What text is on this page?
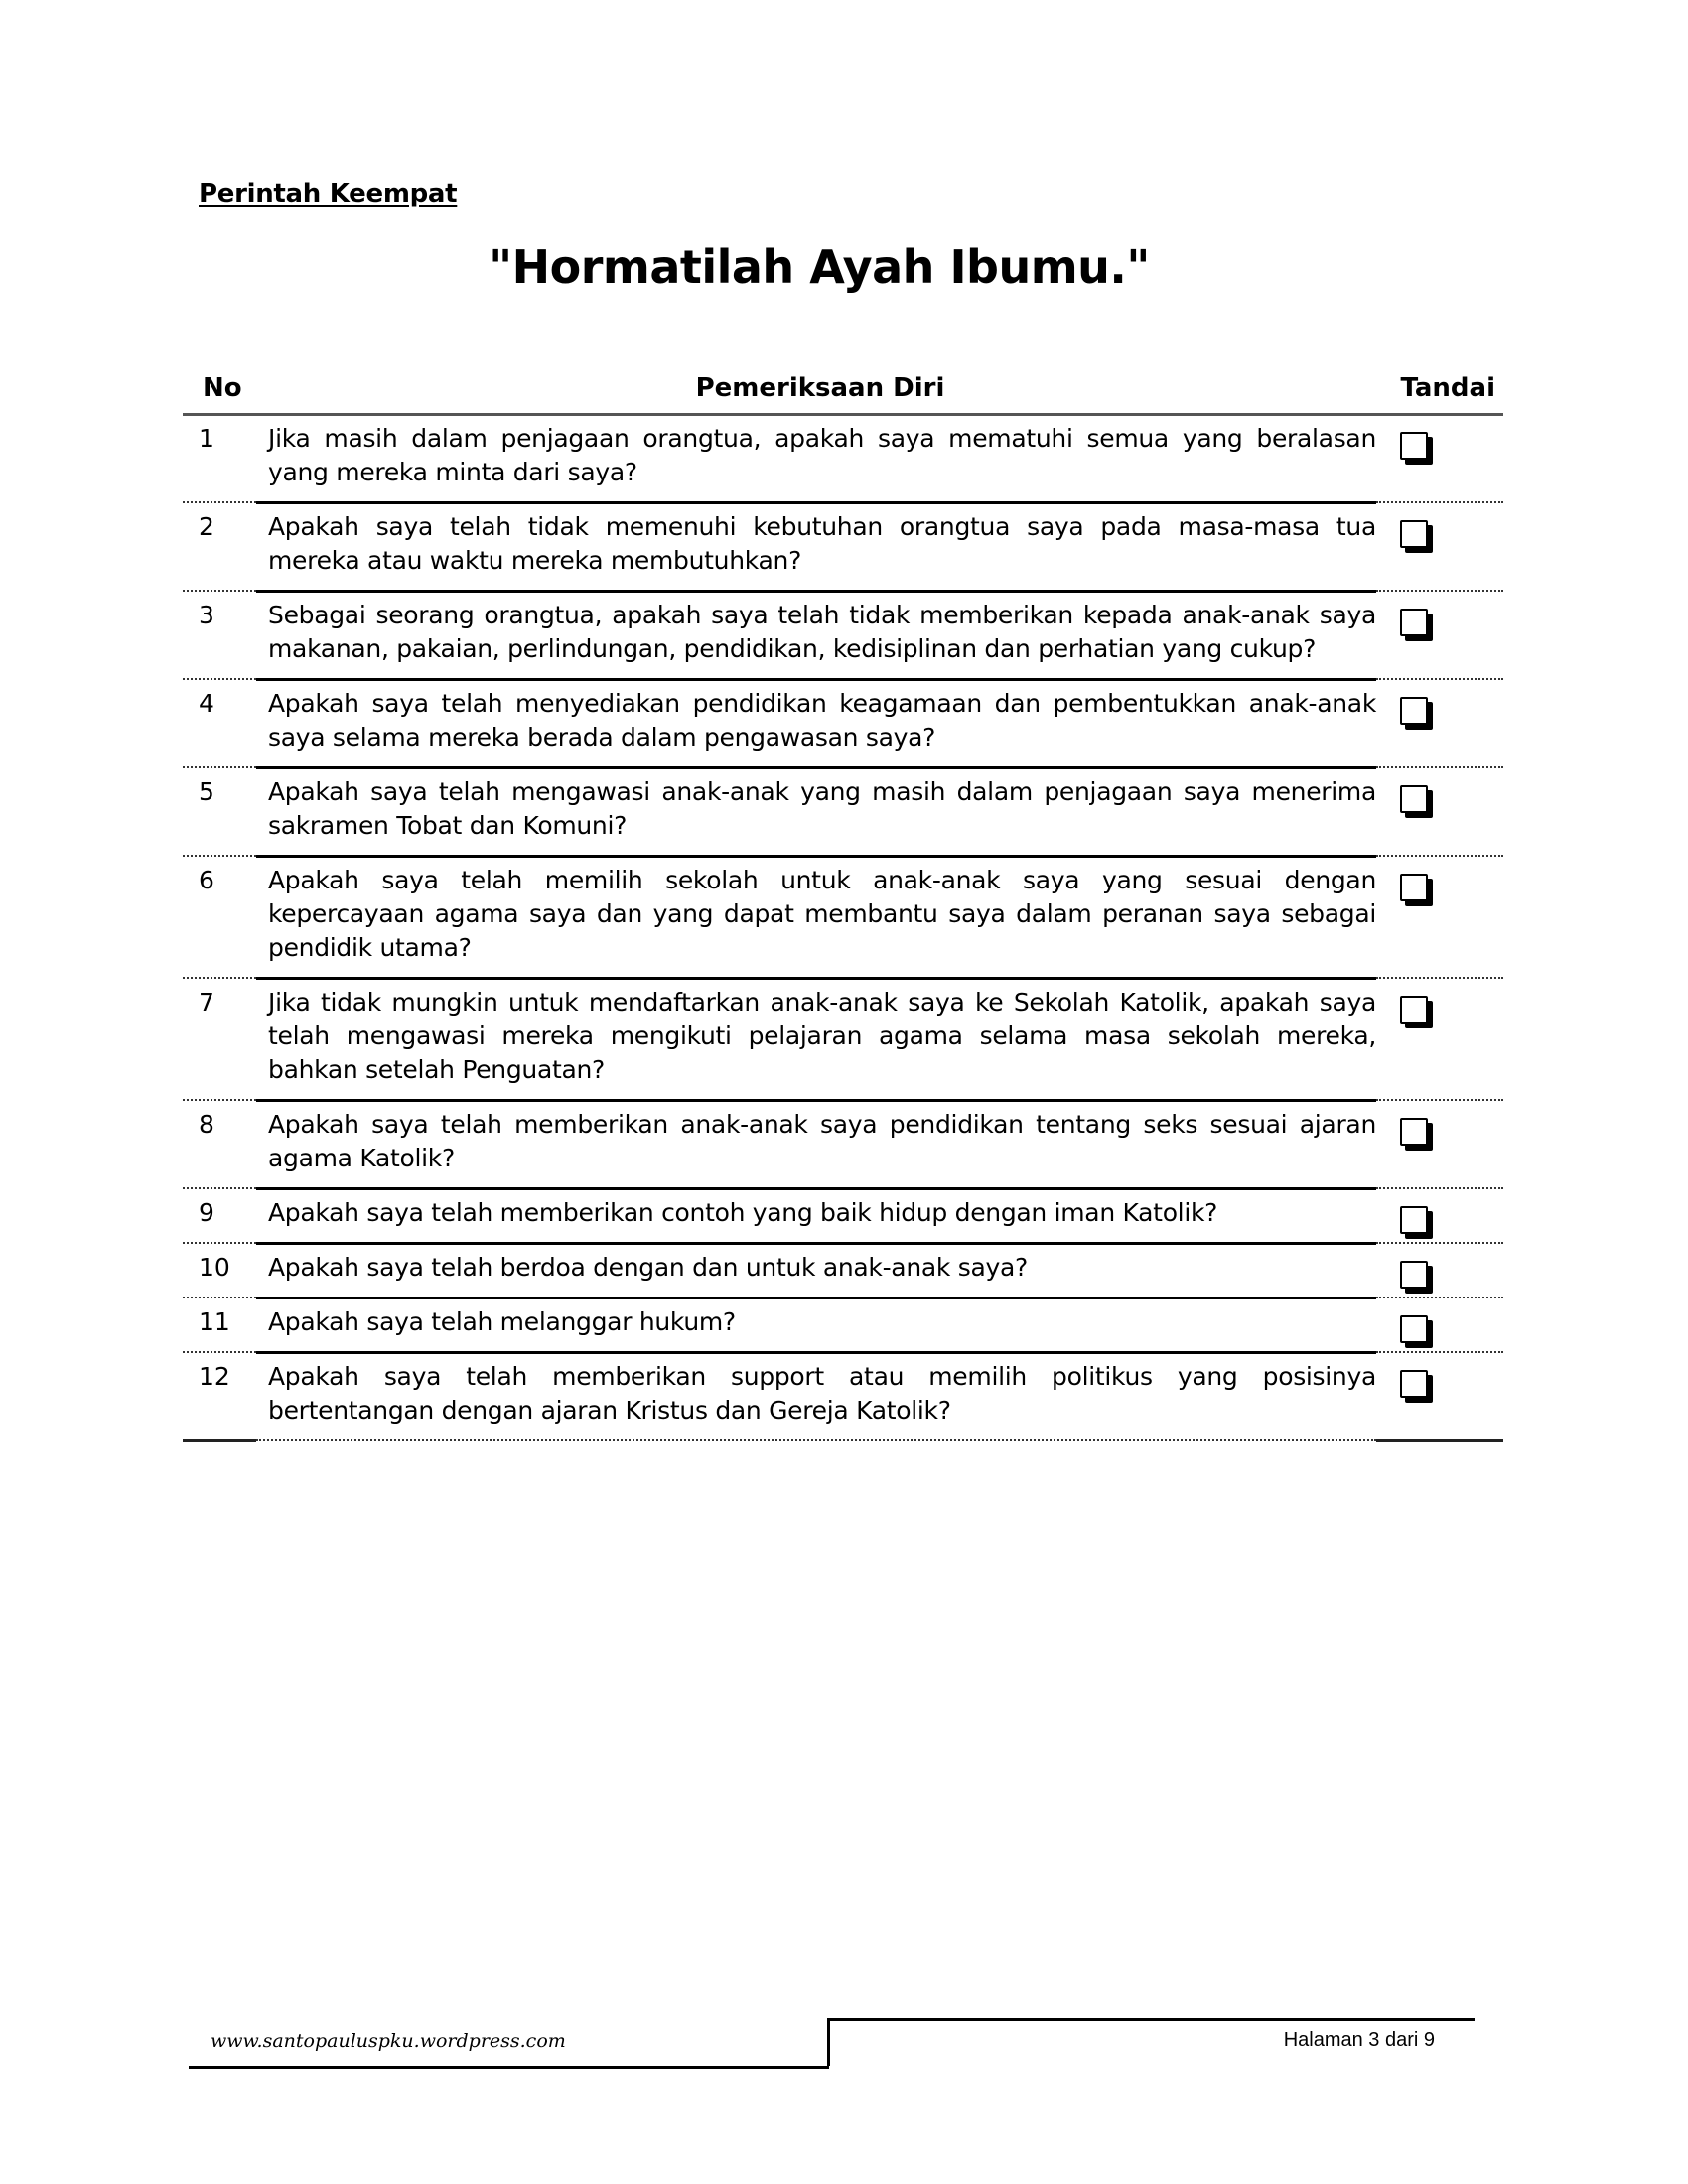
Perintah Keempat
"Hormatilah Ayah Ibumu."
No	Pemeriksaan Diri	Tandai
1	Jika masih dalam penjagaan orangtua, apakah saya mematuhi semua yang beralasan yang mereka minta dari saya?
2	Apakah saya telah tidak memenuhi kebutuhan orangtua saya pada masa-masa tua mereka atau waktu mereka membutuhkan?
3	Sebagai seorang orangtua, apakah saya telah tidak memberikan kepada anak-anak saya makanan, pakaian, perlindungan, pendidikan, kedisiplinan dan perhatian yang cukup?
4	Apakah saya telah menyediakan pendidikan keagamaan dan pembentukkan anak-anak saya selama mereka berada dalam pengawasan saya?
5	Apakah saya telah mengawasi anak-anak yang masih dalam penjagaan saya menerima sakramen Tobat dan Komuni?
6	Apakah saya telah memilih sekolah untuk anak-anak saya yang sesuai dengan kepercayaan agama saya dan yang dapat membantu saya dalam peranan saya sebagai pendidik utama?
7	Jika tidak mungkin untuk mendaftarkan anak-anak saya ke Sekolah Katolik, apakah saya telah mengawasi mereka mengikuti pelajaran agama selama masa sekolah mereka, bahkan setelah Penguatan?
8	Apakah saya telah memberikan anak-anak saya pendidikan tentang seks sesuai ajaran agama Katolik?
9	Apakah saya telah memberikan contoh yang baik hidup dengan iman Katolik?
10	Apakah saya telah berdoa dengan dan untuk anak-anak saya?
11	Apakah saya telah melanggar hukum?
12	Apakah saya telah memberikan support atau memilih politikus yang posisinya bertentangan dengan ajaran Kristus dan Gereja Katolik?
www.santopauluspku.wordpress.com	Halaman 3 dari 9
